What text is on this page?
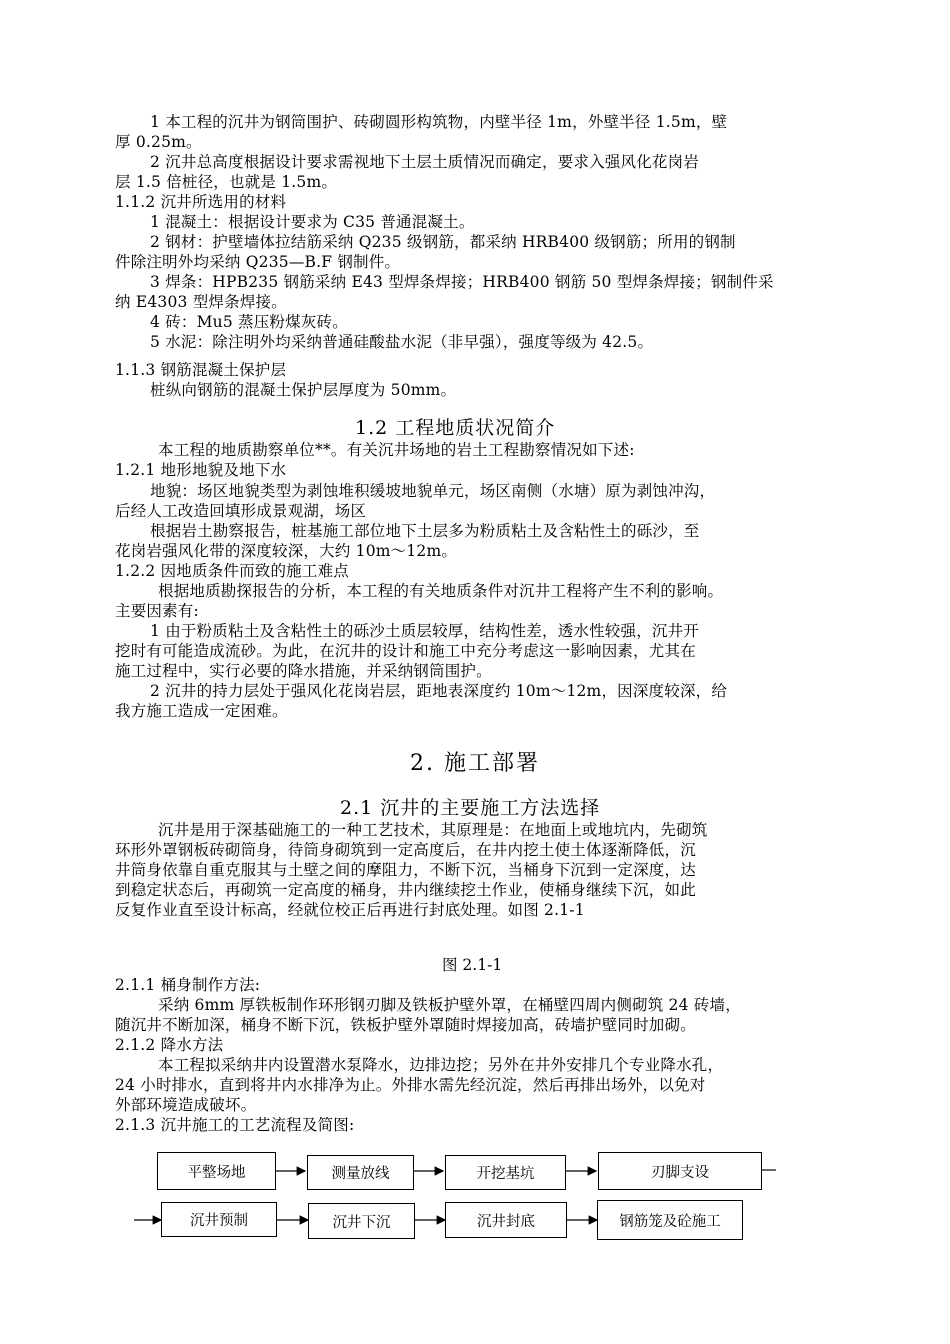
1 本工程的沉井为钢筒围护、砖砌圆形构筑物，内壁半径 1m，外壁半径 1.5m，壁
厚 0.25m。
2 沉井总高度根据设计要求需视地下土层土质情况而确定，要求入强风化花岗岩
层 1.5 倍桩径，也就是 1.5m。
1.1.2 沉井所选用的材料
1 混凝土：根据设计要求为 C35 普通混凝土。
2 钢材：护壁墙体拉结筋采纳 Q235 级钢筋，都采纳 HRB400 级钢筋；所用的钢制
件除注明外均采纳 Q235—B.F 钢制件。
3 焊条：HPB235 钢筋采纳 E43 型焊条焊接；HRB400 钢筋 50 型焊条焊接；钢制件采
纳 E4303 型焊条焊接。
4 砖：Mu5 蒸压粉煤灰砖。
5 水泥：除注明外均采纳普通硅酸盐水泥（非早强），强度等级为 42.5。
1.1.3 钢筋混凝土保护层
桩纵向钢筋的混凝土保护层厚度为 50mm。
1.2 工程地质状况简介
本工程的地质勘察单位**。有关沉井场地的岩土工程勘察情况如下述:
1.2.1 地形地貌及地下水
地貌：场区地貌类型为剥蚀堆积缓坡地貌单元，场区南侧（水塘）原为剥蚀冲沟，
后经人工改造回填形成景观湖，场区
根据岩土勘察报告，桩基施工部位地下土层多为粉质粘土及含粘性土的砾沙，至
花岗岩强风化带的深度较深，大约 10m～12m。
1.2.2 因地质条件而致的施工难点
根据地质勘探报告的分析，本工程的有关地质条件对沉井工程将产生不利的影响。
主要因素有:
1 由于粉质粘土及含粘性土的砾沙土质层较厚，结构性差，透水性较强，沉井开
挖时有可能造成流砂。为此，在沉井的设计和施工中充分考虑这一影响因素，尤其在
施工过程中，实行必要的降水措施，并采纳钢筒围护。
2 沉井的持力层处于强风化花岗岩层，距地表深度约 10m～12m，因深度较深，给
我方施工造成一定困难。
2. 施工部署
2.1 沉井的主要施工方法选择
沉井是用于深基础施工的一种工艺技术，其原理是：在地面上或地坑内，先砌筑
环形外罩钢板砖砌筒身，待筒身砌筑到一定高度后，在井内挖土使土体逐渐降低，沉
井筒身依靠自重克服其与土壁之间的摩阻力，不断下沉，当桶身下沉到一定深度，达
到稳定状态后，再砌筑一定高度的桶身，井内继续挖土作业，使桶身继续下沉，如此
反复作业直至设计标高，经就位校正后再进行封底处理。如图 2.1-1
图 2.1-1
2.1.1 桶身制作方法:
采纳 6mm 厚铁板制作环形钢刃脚及铁板护壁外罩，在桶壁四周内侧砌筑 24 砖墙，
随沉井不断加深，桶身不断下沉，铁板护壁外罩随时焊接加高，砖墙护壁同时加砌。
2.1.2 降水方法
本工程拟采纳井内设置潜水泵降水，边排边挖；另外在井外安排几个专业降水孔，
24 小时排水，直到将井内水排净为止。外排水需先经沉淀，然后再排出场外，以免对
外部环境造成破坏。
2.1.3 沉井施工的工艺流程及简图:
平整场地	测量放线	开挖基坑	刃脚支设
沉井预制	沉井下沉	沉井封底	钢筋笼及砼施工
